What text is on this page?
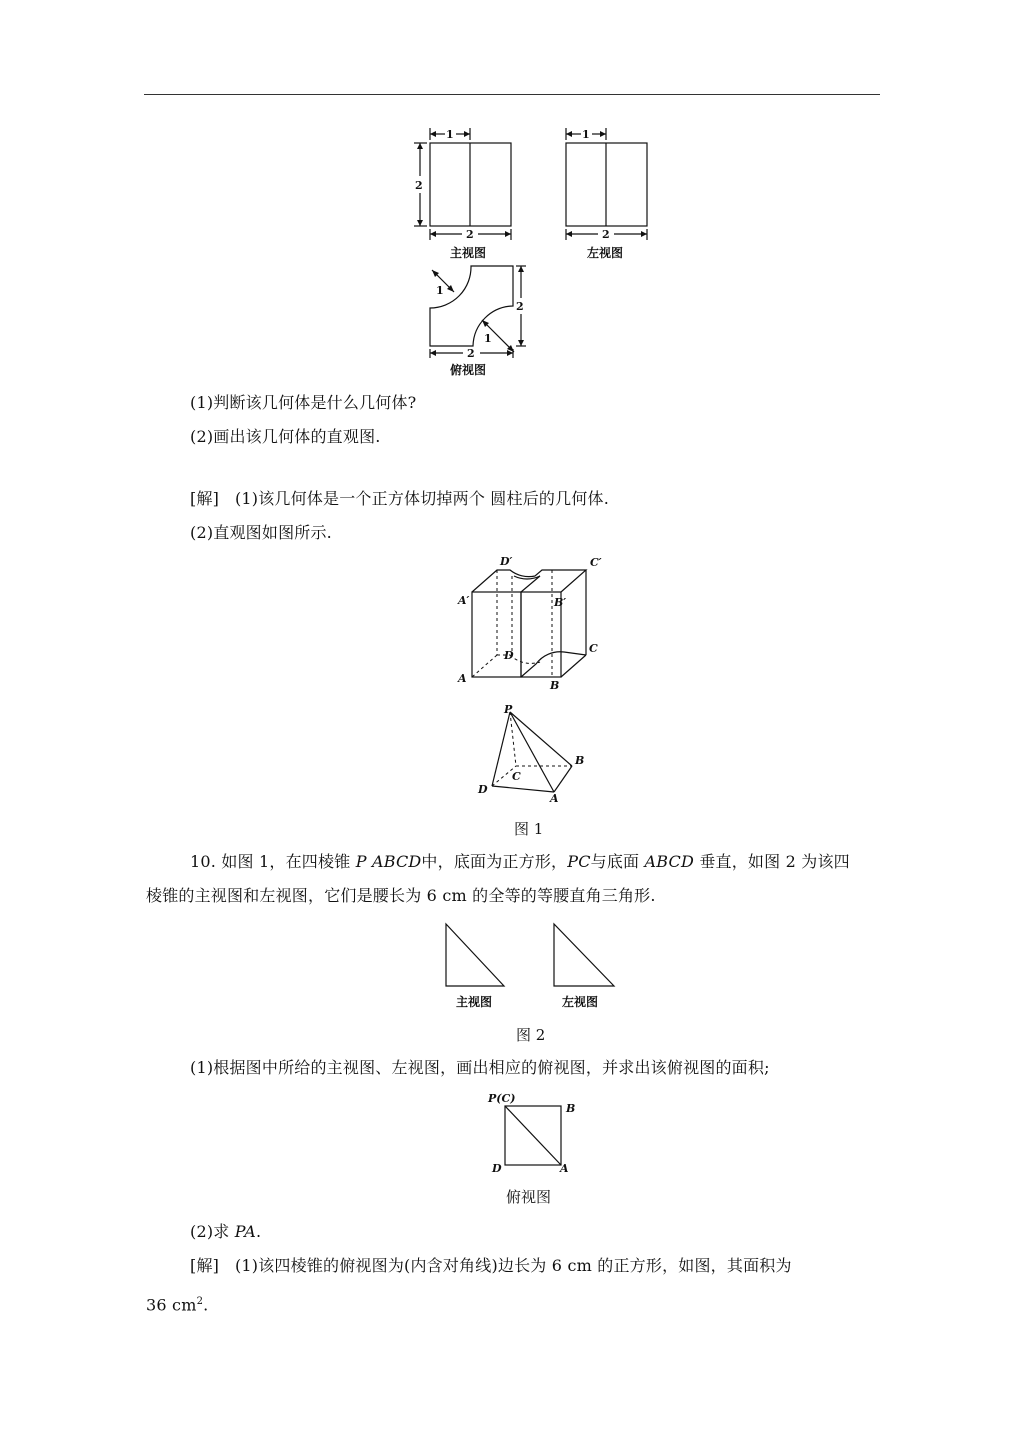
1
2
2
主视图
1
2
左视图
1
1
2
2
俯视图
(1)判断该几何体是什么几何体?
(2)画出该几何体的直观图.
[解] (1)该几何体是一个正方体切掉两个 圆柱后的几何体.
(2)直观图如图所示.
D′	C′
A′	B′
D
C
A
B
P
B
C
D
A
图 1
10. 如图 1，在四棱锥 P ABCD中，底面为正方形，PC与底面 ABCD 垂直，如图 2 为该四
棱锥的主视图和左视图，它们是腰长为 6 cm 的全等的等腰直角三角形.
主视图	左视图
图 2
(1)根据图中所给的主视图、左视图，画出相应的俯视图，并求出该俯视图的面积;
P(C)
B
D	A
俯视图
(2)求 PA.
[解] (1)该四棱锥的俯视图为(内含对角线)边长为 6 cm 的正方形，如图，其面积为
36 $cm^2$.
